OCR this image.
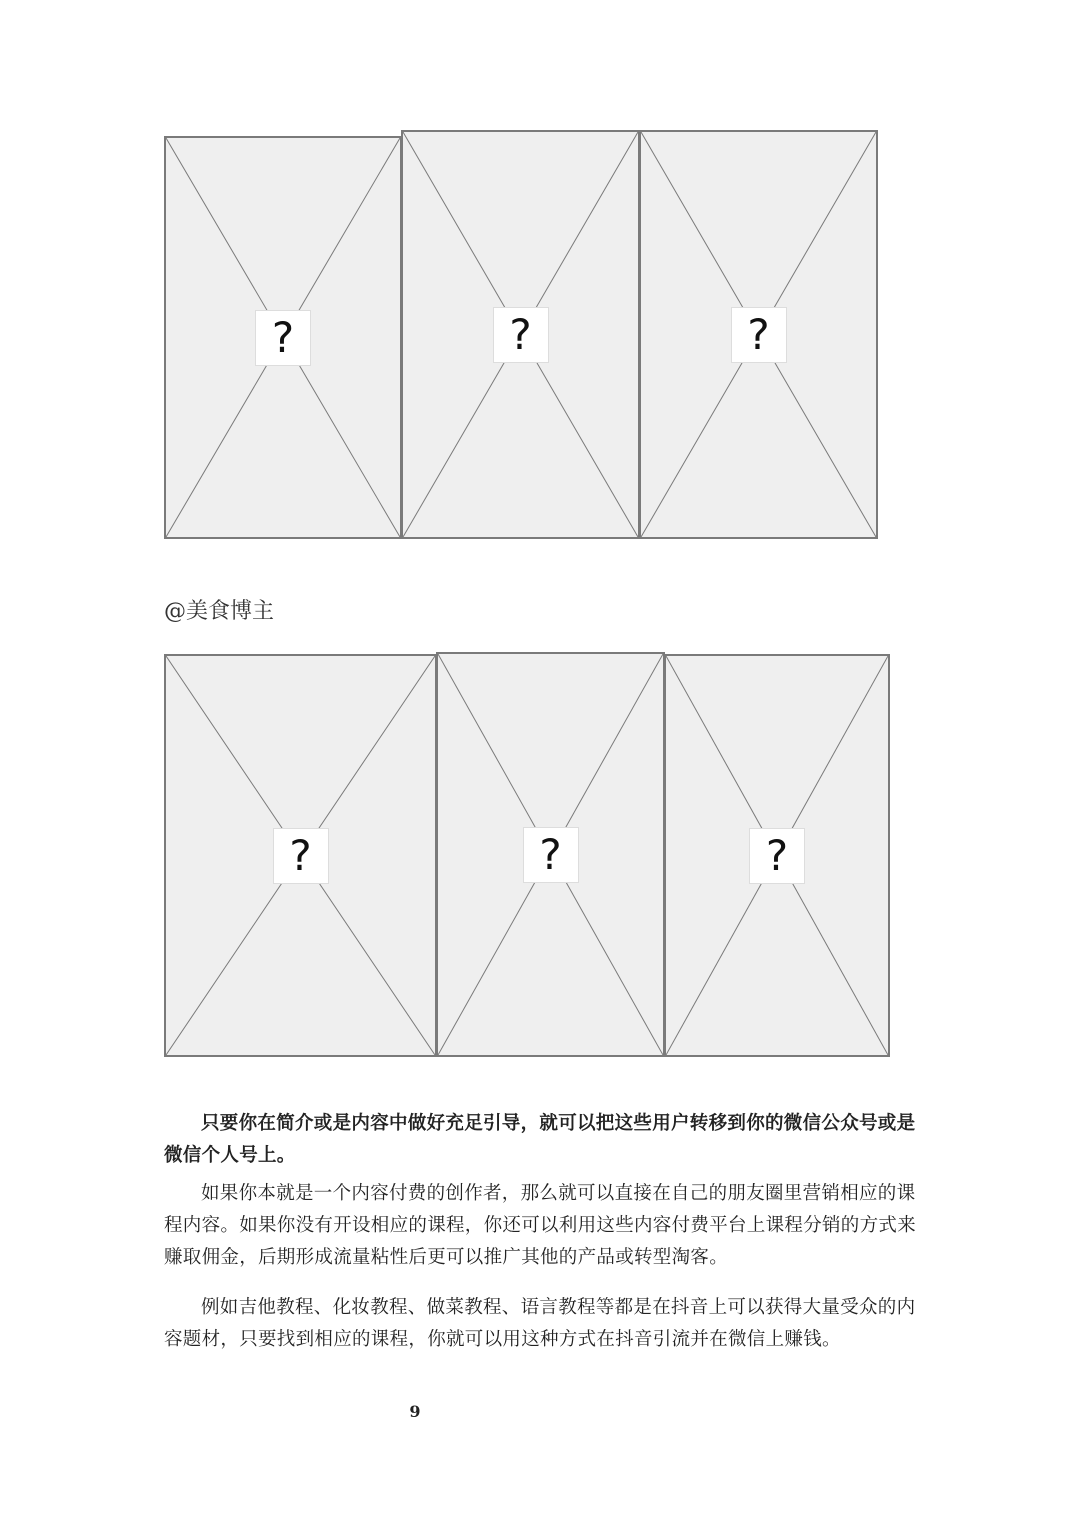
?	?	?
@美食博主
?	?	?

只要你在简介或是内容中做好充足引导，就可以把这些用户转移到你的微信公众号或是微信个人号上。

如果你本就是一个内容付费的创作者，那么就可以直接在自己的朋友圈里营销相应的课程内容。如果你没有开设相应的课程，你还可以利用这些内容付费平台上课程分销的方式来赚取佣金，后期形成流量粘性后更可以推广其他的产品或转型淘客。

例如吉他教程、化妆教程、做菜教程、语言教程等都是在抖音上可以获得大量受众的内容题材，只要找到相应的课程，你就可以用这种方式在抖音引流并在微信上赚钱。

9
